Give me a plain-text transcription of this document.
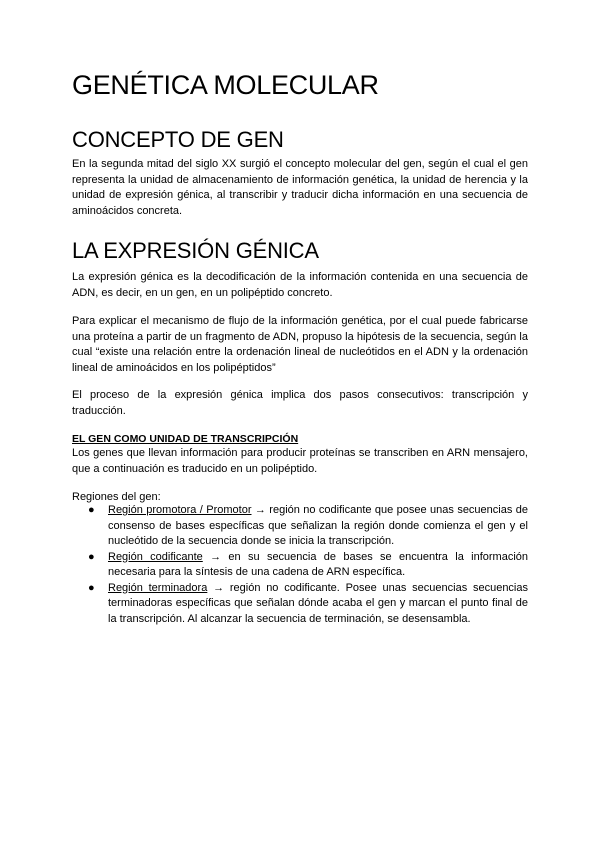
GENÉTICA MOLECULAR
CONCEPTO DE GEN

En la segunda mitad del siglo XX surgió el concepto molecular del gen, según el cual el gen representa la unidad de almacenamiento de información genética, la unidad de herencia y la unidad de expresión génica, al transcribir y traducir dicha información en una secuencia de aminoácidos concreta.

LA EXPRESIÓN GÉNICA

La expresión génica es la decodificación de la información contenida en una secuencia de ADN, es decir, en un gen, en un polipéptido concreto.

Para explicar el mecanismo de flujo de la información genética, por el cual puede fabricarse una proteína a partir de un fragmento de ADN, propuso la hipótesis de la secuencia, según la cual “existe una relación entre la ordenación lineal de nucleótidos en el ADN y la ordenación lineal de aminoácidos en los polipéptidos”

El proceso de la expresión génica implica dos pasos consecutivos: transcripción y traducción.

EL GEN COMO UNIDAD DE TRANSCRIPCIÓN

Los genes que llevan información para producir proteínas se transcriben en ARN mensajero, que a continuación es traducido en un polipéptido.

Regiones del gen:

● Región promotora / Promotor → región no codificante que posee unas secuencias de consenso de bases específicas que señalizan la región donde comienza el gen y el nucleótido de la secuencia donde se inicia la transcripción.
● Región codificante → en su secuencia de bases se encuentra la información necesaria para la síntesis de una cadena de ARN específica.
● Región terminadora → región no codificante. Posee unas secuencias secuencias terminadoras específicas que señalan dónde acaba el gen y marcan el punto final de la transcripción. Al alcanzar la secuencia de terminación, se desensambla.
